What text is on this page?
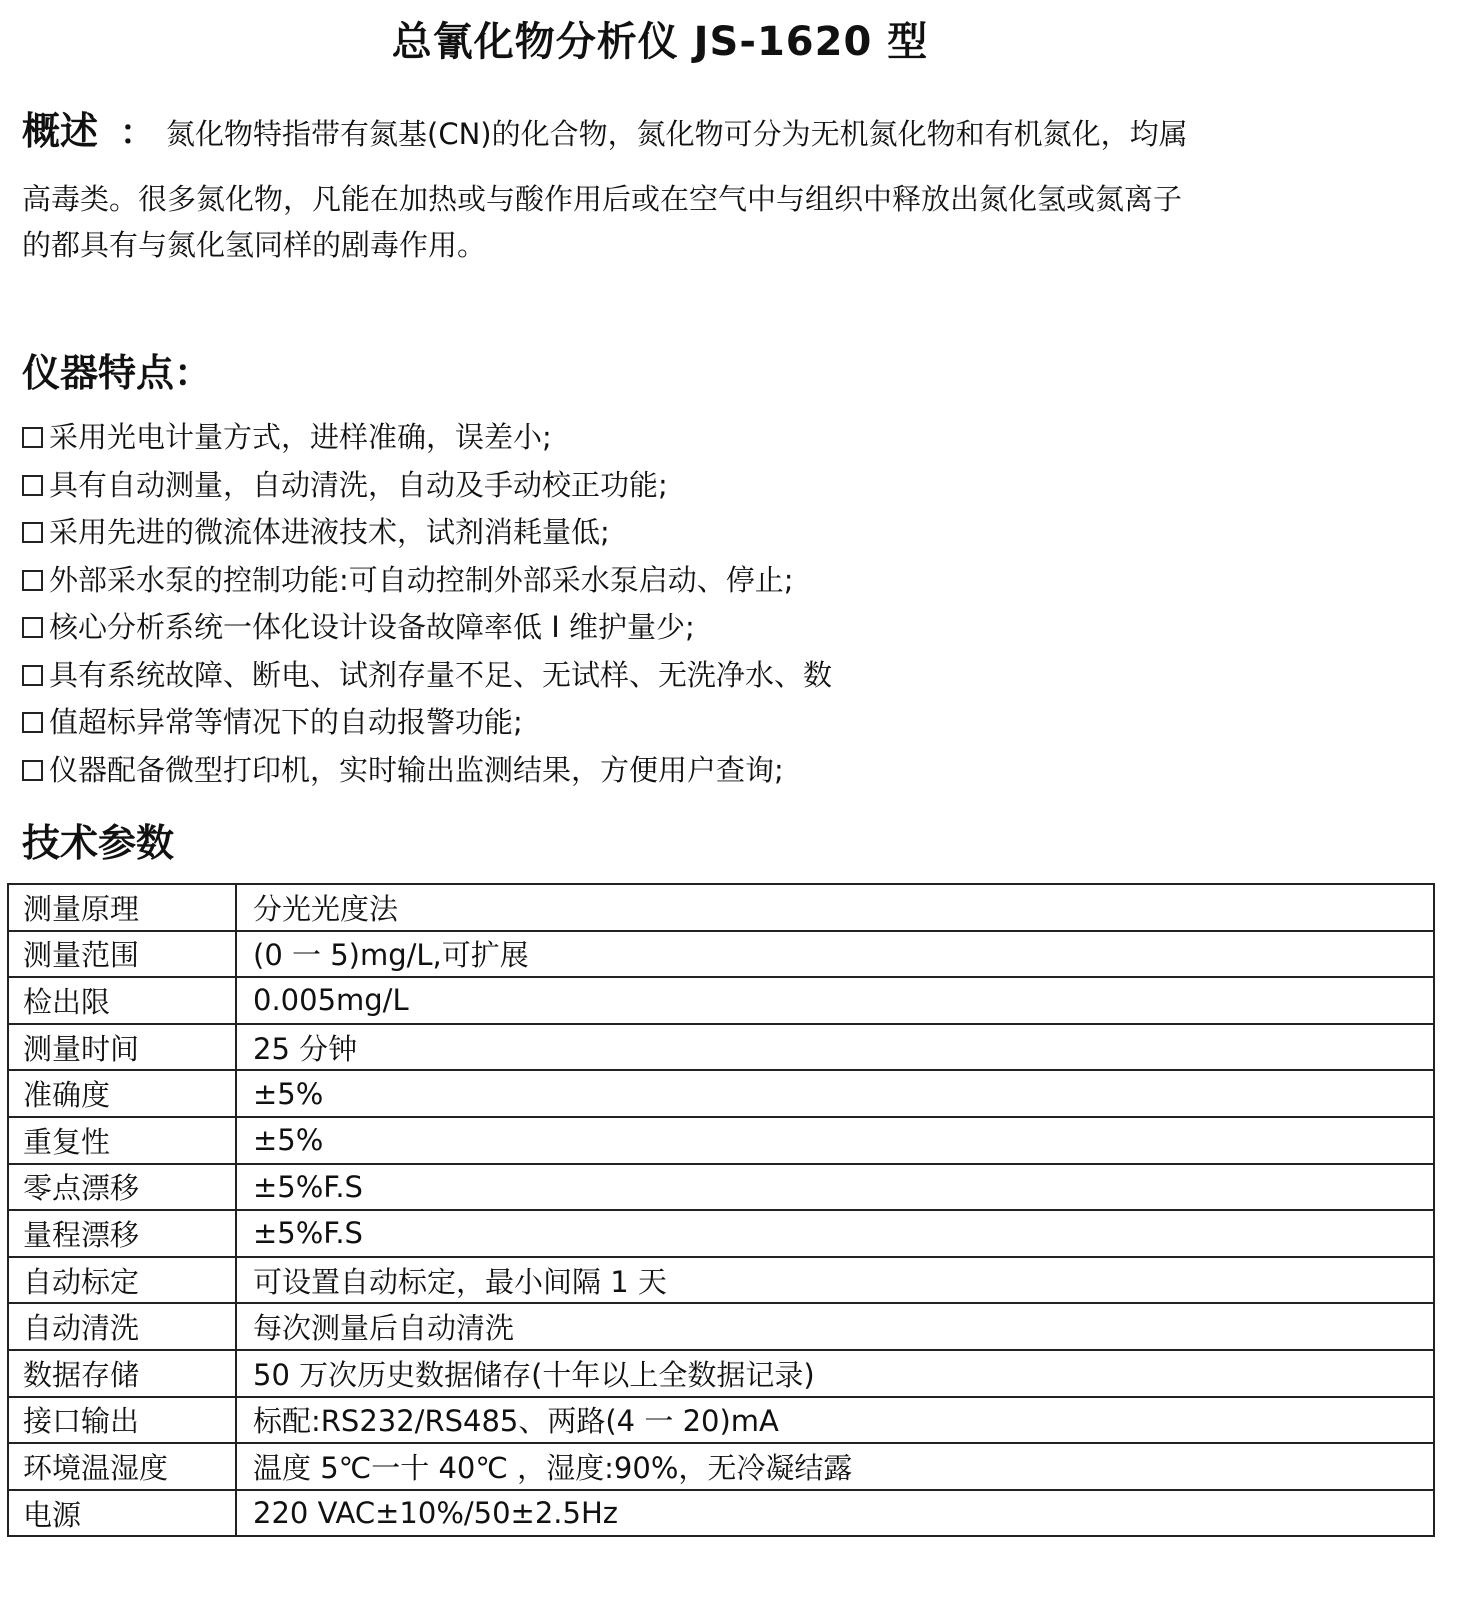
总氰化物分析仪 JS-1620 型
概述 ： 氮化物特指带有氮基(CN)的化合物，氮化物可分为无机氮化物和有机氮化，均属
高毒类。很多氮化物，凡能在加热或与酸作用后或在空气中与组织中释放出氮化氢或氮离子
的都具有与氮化氢同样的剧毒作用。
仪器特点：
采用光电计量方式，进样准确，误差小;
具有自动测量，自动清洗，自动及手动校正功能;
采用先进的微流体进液技术，试剂消耗量低;
外部采水泵的控制功能:可自动控制外部采水泵启动、停止;
核心分析系统一体化设计设备故障率低 I 维护量少;
具有系统故障、断电、试剂存量不足、无试样、无洗净水、数
值超标异常等情况下的自动报警功能;
仪器配备微型打印机，实时输出监测结果，方便用户查询;
技术参数
测量原理	分光光度法
测量范围	(0 一 5)mg/L,可扩展
检出限	0.005mg/L
测量时间	25 分钟
准确度	±5%
重复性	±5%
零点漂移	±5%F.S
量程漂移	±5%F.S
自动标定	可设置自动标定，最小间隔 1 天
自动清洗	每次测量后自动清洗
数据存储	50 万次历史数据储存(十年以上全数据记录)
接口输出	标配:RS232/RS485、两路(4 一 20)mA
环境温湿度	温度 5℃一十 40℃ ，湿度:90%，无冷凝结露
电源	220 VAC±10%/50±2.5Hz
